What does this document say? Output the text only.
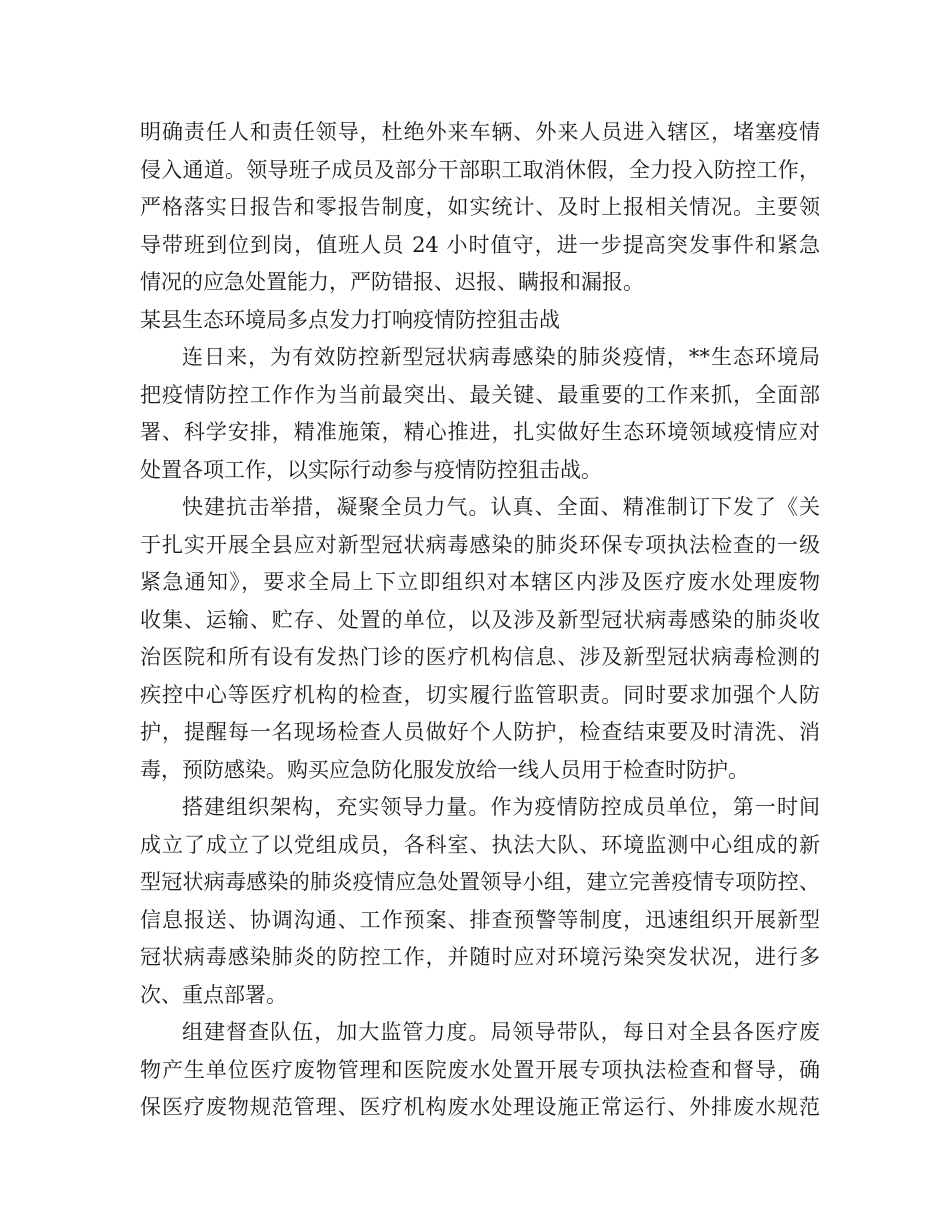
明确责任人和责任领导，杜绝外来车辆、外来人员进入辖区，堵塞疫情
侵入通道。领导班子成员及部分干部职工取消休假，全力投入防控工作，
严格落实日报告和零报告制度，如实统计、及时上报相关情况。主要领
导带班到位到岗，值班人员 24 小时值守，进一步提高突发事件和紧急
情况的应急处置能力，严防错报、迟报、瞒报和漏报。
某县生态环境局多点发力打响疫情防控狙击战
连日来，为有效防控新型冠状病毒感染的肺炎疫情，**生态环境局
把疫情防控工作作为当前最突出、最关键、最重要的工作来抓，全面部
署、科学安排，精准施策，精心推进，扎实做好生态环境领域疫情应对
处置各项工作，以实际行动参与疫情防控狙击战。
快建抗击举措，凝聚全员力气。认真、全面、精准制订下发了《关
于扎实开展全县应对新型冠状病毒感染的肺炎环保专项执法检查的一级
紧急通知》，要求全局上下立即组织对本辖区内涉及医疗废水处理废物
收集、运输、贮存、处置的单位，以及涉及新型冠状病毒感染的肺炎收
治医院和所有设有发热门诊的医疗机构信息、涉及新型冠状病毒检测的
疾控中心等医疗机构的检查，切实履行监管职责。同时要求加强个人防
护，提醒每一名现场检查人员做好个人防护，检查结束要及时清洗、消
毒，预防感染。购买应急防化服发放给一线人员用于检查时防护。
搭建组织架构，充实领导力量。作为疫情防控成员单位，第一时间
成立了成立了以党组成员，各科室、执法大队、环境监测中心组成的新
型冠状病毒感染的肺炎疫情应急处置领导小组，建立完善疫情专项防控、
信息报送、协调沟通、工作预案、排查预警等制度，迅速组织开展新型
冠状病毒感染肺炎的防控工作，并随时应对环境污染突发状况，进行多
次、重点部署。
组建督查队伍，加大监管力度。局领导带队，每日对全县各医疗废
物产生单位医疗废物管理和医院废水处置开展专项执法检查和督导，确
保医疗废物规范管理、医疗机构废水处理设施正常运行、外排废水规范
